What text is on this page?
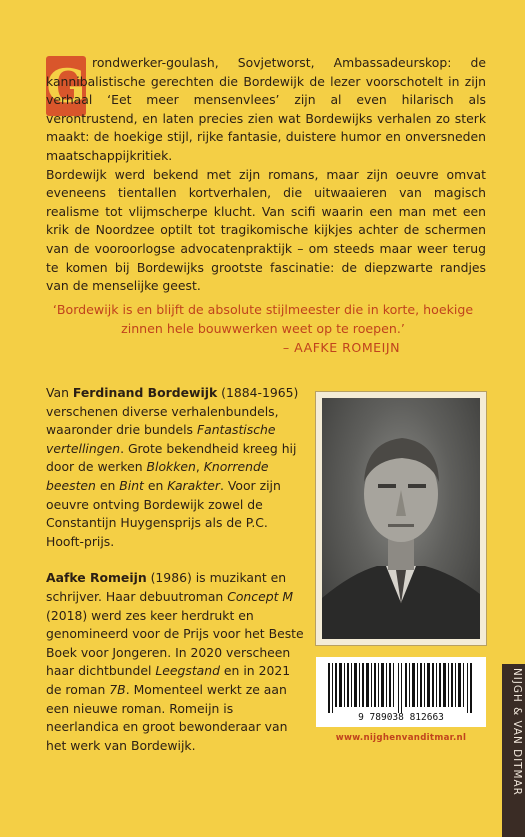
G rondwerker-goulash, Sovjetworst, Ambassadeurskop: de kannibalistische gerechten die Bordewijk de lezer voorschotelt in zijn verhaal ‘Eet meer mensenvlees’ zijn al even hilarisch als verontrustend, en laten precies zien wat Bordewijks verhalen zo sterk maakt: de hoekige stijl, rijke fantasie, duistere humor en onversneden maatschappijkritiek.

Bordewijk werd bekend met zijn romans, maar zijn oeuvre omvat eveneens tientallen kortverhalen, die uitwaaieren van magisch realisme tot vlijmscherpe klucht. Van scifi waarin een man met een krik de Noordzee optilt tot tragikomische kijkjes achter de schermen van de vooroorlogse advocatenpraktijk – om steeds maar weer terug te komen bij Bordewijks grootste fascinatie: de diepzwarte randjes van de menselijke geest.

‘Bordewijk is en blijft de absolute stijlmeester die in korte, hoekige zinnen hele bouwwerken weet op te roepen.’
– AAFKE ROMEIJN

Van Ferdinand Bordewijk (1884-1965) verschenen diverse verhalenbundels, waaronder drie bundels Fantastische vertellingen. Grote bekendheid kreeg hij door de werken Blokken, Knorrende beesten en Bint en Karakter. Voor zijn oeuvre ontving Bordewijk zowel de Constantijn Huygensprijs als de P.C. Hooft-prijs.

Aafke Romeijn (1986) is muzikant en schrijver. Haar debuutroman Concept M (2018) werd zes keer herdrukt en genomineerd voor de Prijs voor het Beste Boek voor Jongeren. In 2020 verscheen haar dichtbundel Leegstand en in 2021 de roman 7B. Momenteel werkt ze aan een nieuwe roman. Romeijn is neerlandica en groot bewonderaar van het werk van Bordewijk.

9 789038 812663
www.nijghenvanditmar.nl	NIJGH & VAN DITMAR
